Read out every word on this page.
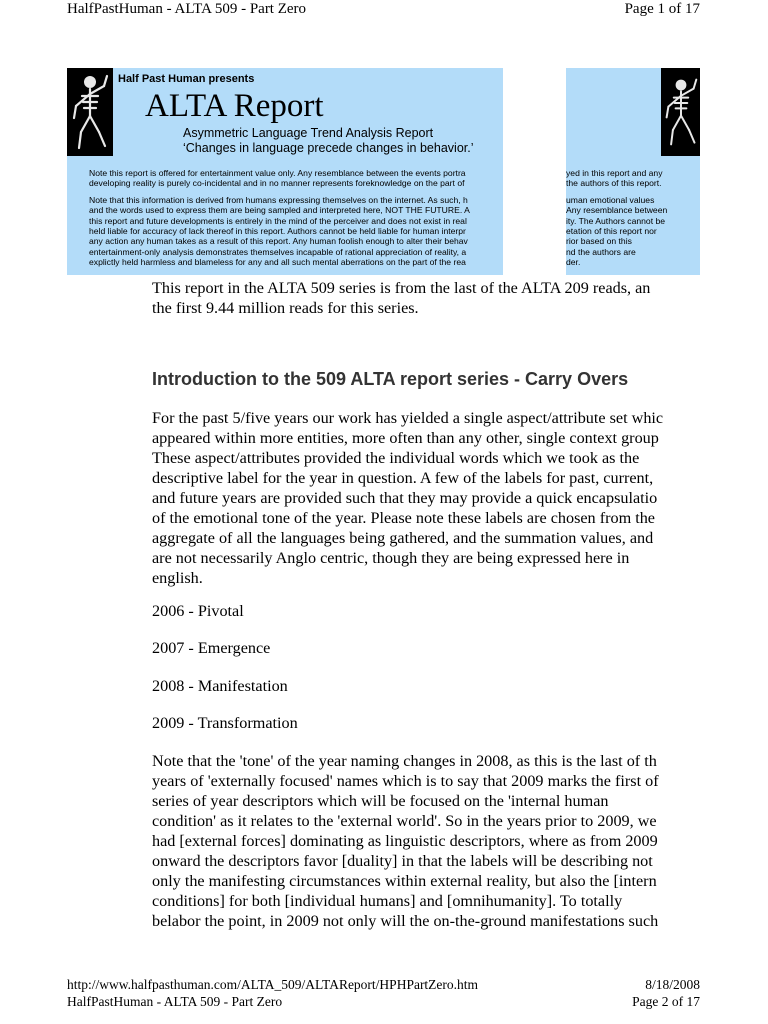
HalfPastHuman - ALTA 509 - Part Zero	Page 1 of 17
Half Past Human presents
ALTA Report
Asymmetric Language Trend Analysis Report
‘Changes in language precede changes in behavior.’
Note this report is offered for entertainment value only. Any resemblance between the events portra
developing reality is purely co-incidental and in no manner represents foreknowledge on the part of
Note that this information is derived from humans expressing themselves on the internet. As such, h
and the words used to express them are being sampled and interpreted here, NOT THE FUTURE. A
this report and future developments is entirely in the mind of the perceiver and does not exist in real
held liable for accuracy of lack thereof in this report. Authors cannot be held liable for human interpr
any action any human takes as a result of this report. Any human foolish enough to alter their behav
entertainment-only analysis demonstrates themselves incapable of rational appreciation of reality, a
explictly held harmless and blameless for any and all such mental aberrations on the part of the rea
yed in this report and any
the authors of this report.
uman emotional values
Any resemblance between
ity. The Authors cannot be
etation of this report nor
rior based on this
nd the authors are
der.
This report in the ALTA 509 series is from the last of the ALTA 209 reads, an
the first 9.44 million reads for this series.
Introduction to the 509 ALTA report series - Carry Overs
For the past 5/five years our work has yielded a single aspect/attribute set whic
appeared within more entities, more often than any other, single context group
These aspect/attributes provided the individual words which we took as the
descriptive label for the year in question. A few of the labels for past, current,
and future years are provided such that they may provide a quick encapsulatio
of the emotional tone of the year. Please note these labels are chosen from the
aggregate of all the languages being gathered, and the summation values, and
are not necessarily Anglo centric, though they are being expressed here in
english.
2006 - Pivotal
2007 - Emergence
2008 - Manifestation
2009 - Transformation
Note that the 'tone' of the year naming changes in 2008, as this is the last of th
years of 'externally focused' names which is to say that 2009 marks the first of
series of year descriptors which will be focused on the 'internal human
condition' as it relates to the 'external world'. So in the years prior to 2009, we
had [external forces] dominating as linguistic descriptors, where as from 2009
onward the descriptors favor [duality] in that the labels will be describing not
only the manifesting circumstances within external reality, but also the [intern
conditions] for both [individual humans] and [omnihumanity]. To totally
belabor the point, in 2009 not only will the on-the-ground manifestations such
http://www.halfpasthuman.com/ALTA_509/ALTAReport/HPHPartZero.htm	8/18/2008
HalfPastHuman - ALTA 509 - Part Zero	Page 2 of 17
